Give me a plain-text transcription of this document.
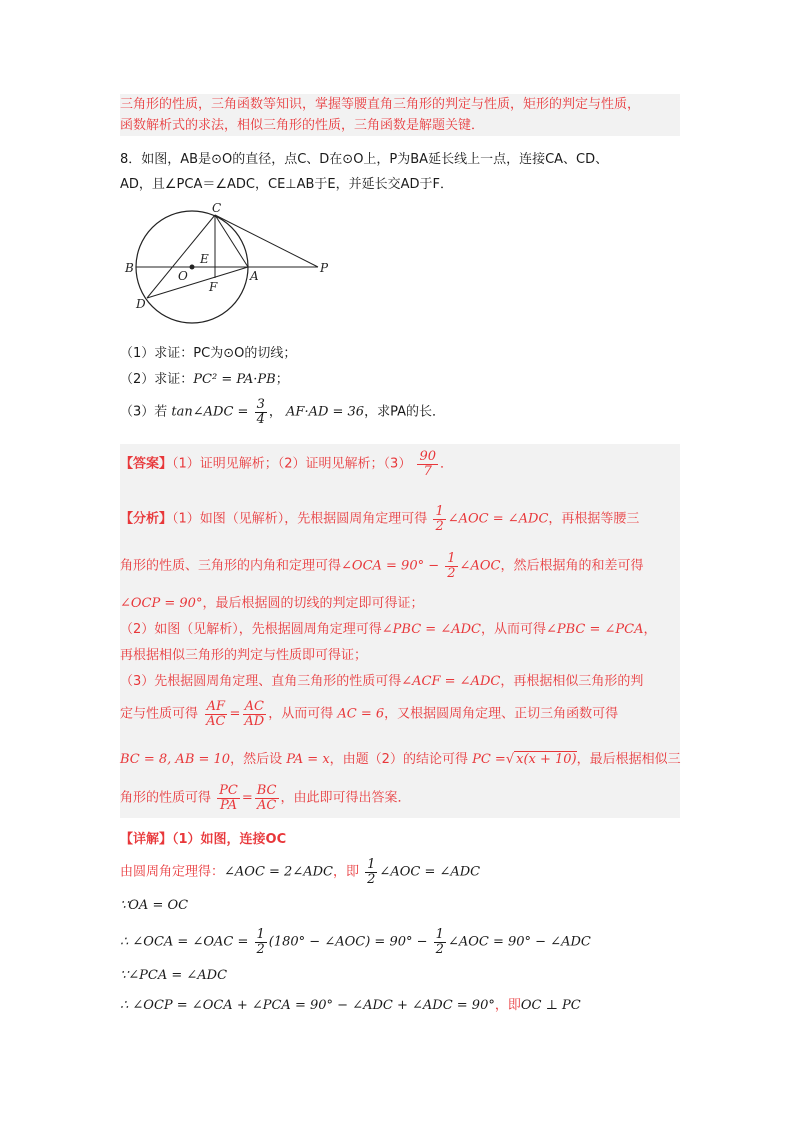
三角形的性质，三角函数等知识，掌握等腰直角三角形的判定与性质，矩形的判定与性质，
函数解析式的求法，相似三角形的性质，三角函数是解题关键．
8．如图，AB是⊙O的直径，点C、D在⊙O上，P为BA延长线上一点，连接CA、CD、
AD，且∠PCA＝∠ADC，CE⊥AB于E，并延长交AD于F．
B
O
E
A
P
C
D
F
（1）求证：PC为⊙O的切线；
（2）求证：PC² = PA·PB；
（3）若 tan∠ADC = $\frac{3}{4}$ ， AF·AD = 36，求PA的长．
【答案】（1）证明见解析；（2）证明见解析；$(3) \frac{90}{7}$ ．
【分析】（1）如图（见解析），先根据圆周角定理可得 $\frac{1}{2}$ ∠AOC = ∠ADC，再根据等腰三
角形的性质、三角形的内角和定理可得∠OCA = $90^\circ - \frac{1}{2}$ ∠AOC，然后根据角的和差可得
∠OCP = 90°，最后根据圆的切线的判定即可得证；
（2）如图（见解析），先根据圆周角定理可得∠PBC = ∠ADC，从而可得∠PBC = ∠PCA，
再根据相似三角形的判定与性质即可得证；
（3）先根据圆周角定理、直角三角形的性质可得∠ACF = ∠ADC，再根据相似三角形的判
定与性质可得 $\frac{AF}{AC} = \frac{AC}{AD}$ ，从而可得 AC = 6，又根据圆周角定理、正切三角函数可得
BC = 8, AB = 10，然后设 PA = x，由题（2）的结论可得 PC =√ x(x + 10)，最后根据相似三
角形的性质可得 $\frac{PC}{PA} = \frac{BC}{AC}$ ，由此即可得出答案．
【详解】（1）如图，连接OC
由圆周角定理得：∠AOC = 2∠ADC，即 $\frac{1}{2}$ ∠AOC = ∠ADC
∵OA = OC
∴ ∠OCA = ∠OAC = $\frac{1}{2} (180^\circ$ − ∠AOC) = $90^\circ - \frac{1}{2}$ ∠AOC = 90° − ∠ADC
∵∠PCA = ∠ADC
∴ ∠OCP = ∠OCA + ∠PCA = 90° − ∠ADC + ∠ADC = 90°，即OC ⊥ PC
